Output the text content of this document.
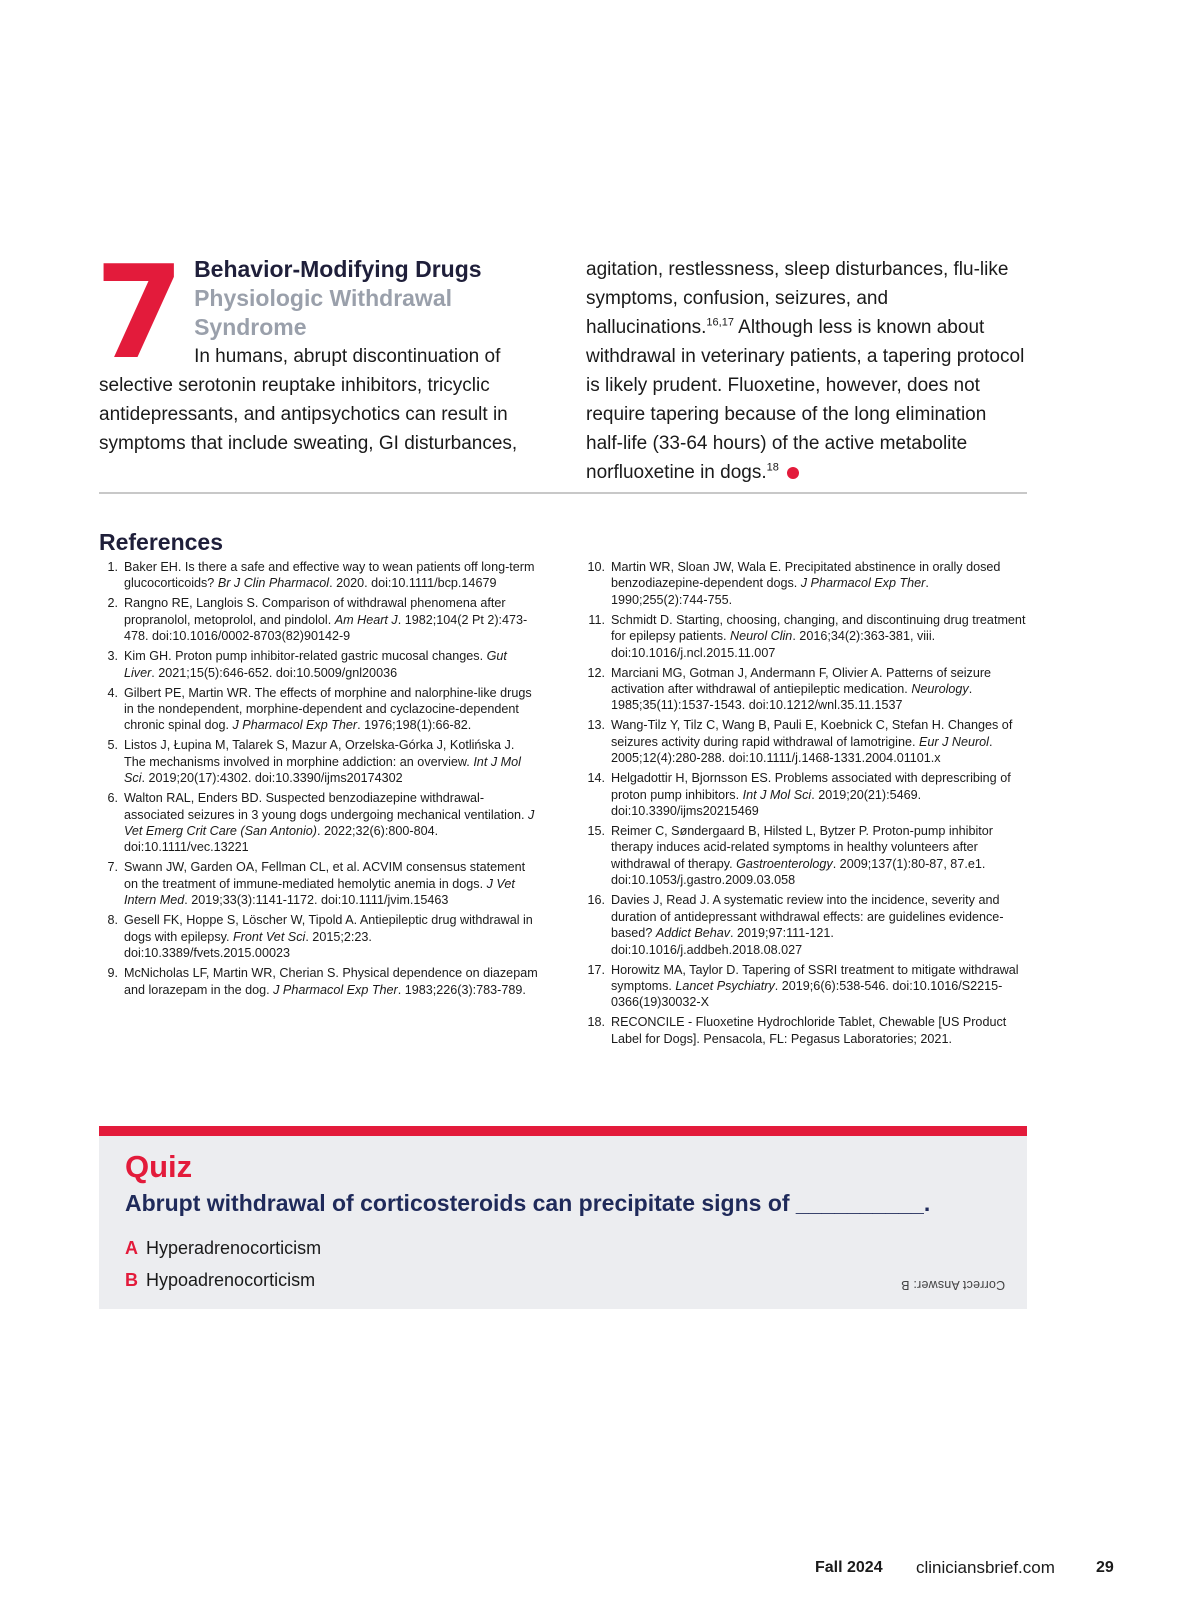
7 Behavior-Modifying Drugs
Physiologic Withdrawal
Syndrome

In humans, abrupt discontinuation of selective serotonin reuptake inhibitors, tricyclic antidepressants, and antipsychotics can result in symptoms that include sweating, GI disturbances,

agitation, restlessness, sleep disturbances, flu-like symptoms, confusion, seizures, and hallucinations.$^{16,17}$ Although less is known about withdrawal in veterinary patients, a tapering protocol is likely prudent. Fluoxetine, however, does not require tapering because of the long elimination half-life (33-64 hours) of the active metabolite norfluoxetine in dogs.$^{18}$

References
1. Baker EH. Is there a safe and effective way to wean patients off long-term glucocorticoids? Br J Clin Pharmacol. 2020. doi:10.1111/bcp.14679
2. Rangno RE, Langlois S. Comparison of withdrawal phenomena after propranolol, metoprolol, and pindolol. Am Heart J. 1982;104(2 Pt 2):473-478. doi:10.1016/0002-8703(82)90142-9
3. Kim GH. Proton pump inhibitor-related gastric mucosal changes. Gut Liver. 2021;15(5):646-652. doi:10.5009/gnl20036
4. Gilbert PE, Martin WR. The effects of morphine and nalorphine-like drugs in the nondependent, morphine-dependent and cyclazocine-dependent chronic spinal dog. J Pharmacol Exp Ther. 1976;198(1):66-82.
5. Listos J, Łupina M, Talarek S, Mazur A, Orzelska-Górka J, Kotlińska J. The mechanisms involved in morphine addiction: an overview. Int J Mol Sci. 2019;20(17):4302. doi:10.3390/ijms20174302
6. Walton RAL, Enders BD. Suspected benzodiazepine withdrawal-associated seizures in 3 young dogs undergoing mechanical ventilation. J Vet Emerg Crit Care (San Antonio). 2022;32(6):800-804. doi:10.1111/vec.13221
7. Swann JW, Garden OA, Fellman CL, et al. ACVIM consensus statement on the treatment of immune-mediated hemolytic anemia in dogs. J Vet Intern Med. 2019;33(3):1141-1172. doi:10.1111/jvim.15463
8. Gesell FK, Hoppe S, Löscher W, Tipold A. Antiepileptic drug withdrawal in dogs with epilepsy. Front Vet Sci. 2015;2:23. doi:10.3389/fvets.2015.00023
9. McNicholas LF, Martin WR, Cherian S. Physical dependence on diazepam and lorazepam in the dog. J Pharmacol Exp Ther. 1983;226(3):783-789.
10. Martin WR, Sloan JW, Wala E. Precipitated abstinence in orally dosed benzodiazepine-dependent dogs. J Pharmacol Exp Ther. 1990;255(2):744-755.
11. Schmidt D. Starting, choosing, changing, and discontinuing drug treatment for epilepsy patients. Neurol Clin. 2016;34(2):363-381, viii. doi:10.1016/j.ncl.2015.11.007
12. Marciani MG, Gotman J, Andermann F, Olivier A. Patterns of seizure activation after withdrawal of antiepileptic medication. Neurology. 1985;35(11):1537-1543. doi:10.1212/wnl.35.11.1537
13. Wang-Tilz Y, Tilz C, Wang B, Pauli E, Koebnick C, Stefan H. Changes of seizures activity during rapid withdrawal of lamotrigine. Eur J Neurol. 2005;12(4):280-288. doi:10.1111/j.1468-1331.2004.01101.x
14. Helgadottir H, Bjornsson ES. Problems associated with deprescribing of proton pump inhibitors. Int J Mol Sci. 2019;20(21):5469. doi:10.3390/ijms20215469
15. Reimer C, Søndergaard B, Hilsted L, Bytzer P. Proton-pump inhibitor therapy induces acid-related symptoms in healthy volunteers after withdrawal of therapy. Gastroenterology. 2009;137(1):80-87, 87.e1. doi:10.1053/j.gastro.2009.03.058
16. Davies J, Read J. A systematic review into the incidence, severity and duration of antidepressant withdrawal effects: are guidelines evidence-based? Addict Behav. 2019;97:111-121. doi:10.1016/j.addbeh.2018.08.027
17. Horowitz MA, Taylor D. Tapering of SSRI treatment to mitigate withdrawal symptoms. Lancet Psychiatry. 2019;6(6):538-546. doi:10.1016/S2215-0366(19)30032-X
18. RECONCILE - Fluoxetine Hydrochloride Tablet, Chewable [US Product Label for Dogs]. Pensacola, FL: Pegasus Laboratories; 2021.
Quiz
Abrupt withdrawal of corticosteroids can precipitate signs of __________.
A Hyperadrenocorticism
B Hypoadrenocorticism	Correct Answer: B
Fall 2024 cliniciansbrief.com	29
